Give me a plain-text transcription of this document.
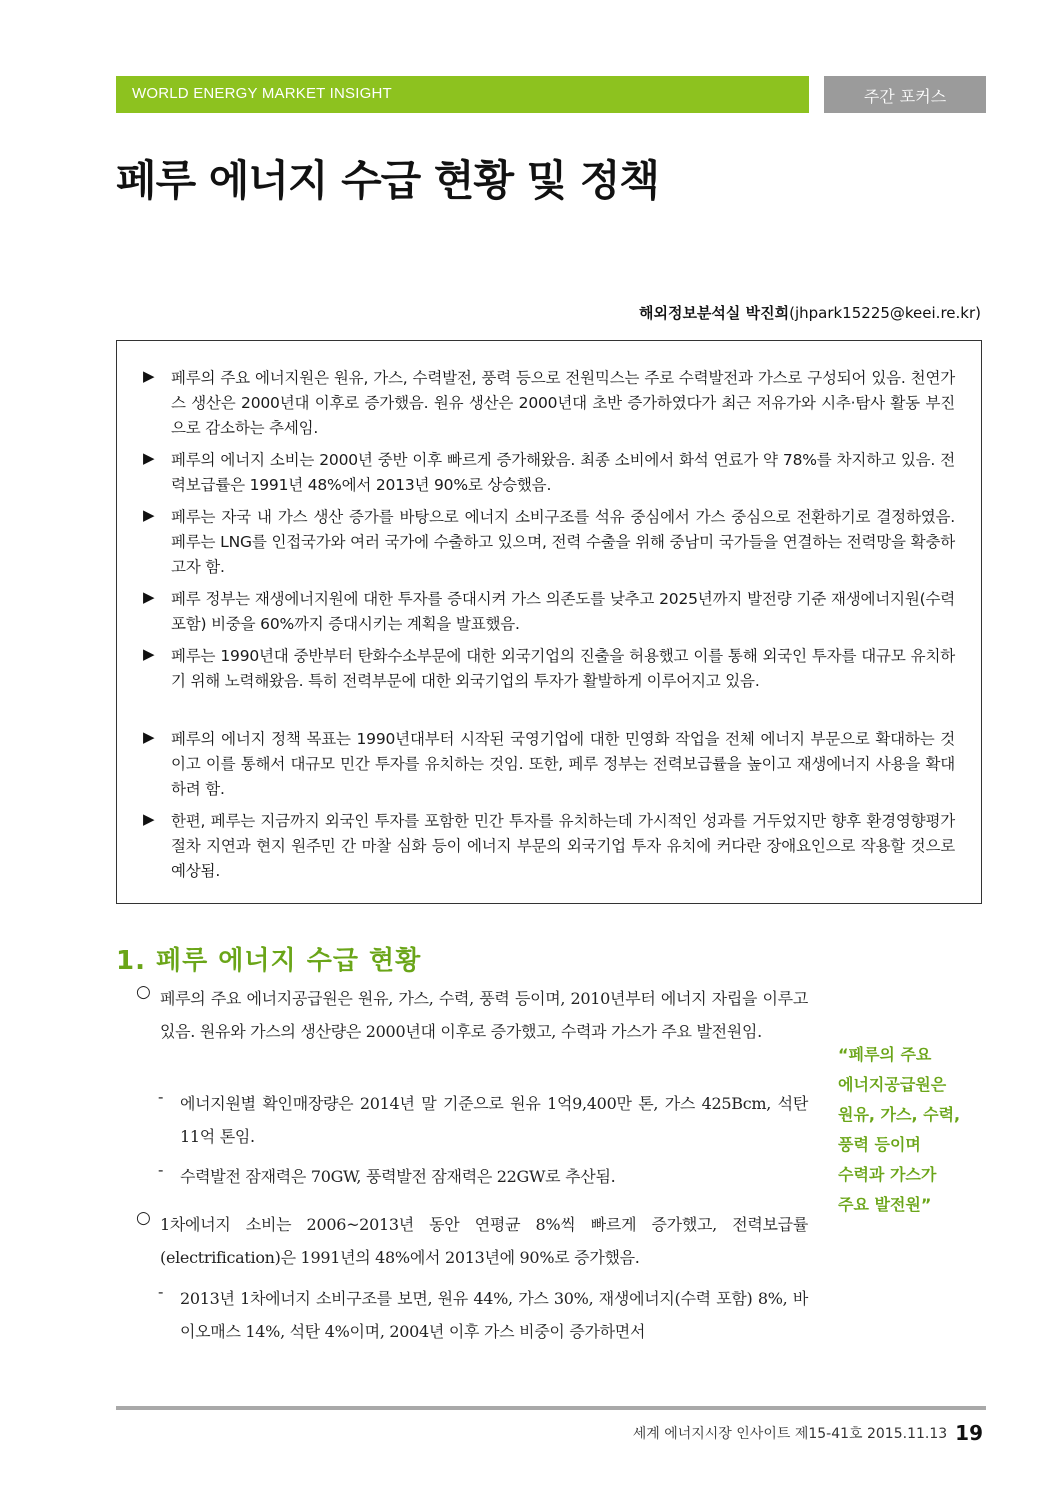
WORLD ENERGY MARKET INSIGHT	주간 포커스
페루 에너지 수급 현황 및 정책
해외정보분석실 박진희(jhpark15225@keei.re.kr)
▶ 페루의 주요 에너지원은 원유, 가스, 수력발전, 풍력 등으로 전원믹스는 주로 수력발전과 가스로 구성되어 있음. 천연가스 생산은 2000년대 이후로 증가했음. 원유 생산은 2000년대 초반 증가하였다가 최근 저유가와 시추·탐사 활동 부진으로 감소하는 추세임.

▶ 페루의 에너지 소비는 2000년 중반 이후 빠르게 증가해왔음. 최종 소비에서 화석 연료가 약 78%를 차지하고 있음. 전력보급률은 1991년 48%에서 2013년 90%로 상승했음.

▶ 페루는 자국 내 가스 생산 증가를 바탕으로 에너지 소비구조를 석유 중심에서 가스 중심으로 전환하기로 결정하였음. 페루는 LNG를 인접국가와 여러 국가에 수출하고 있으며, 전력 수출을 위해 중남미 국가들을 연결하는 전력망을 확충하고자 함.

▶ 페루 정부는 재생에너지원에 대한 투자를 증대시켜 가스 의존도를 낮추고 2025년까지 발전량 기준 재생에너지원(수력 포함) 비중을 60%까지 증대시키는 계획을 발표했음.

▶ 페루는 1990년대 중반부터 탄화수소부문에 대한 외국기업의 진출을 허용했고 이를 통해 외국인 투자를 대규모 유치하기 위해 노력해왔음. 특히 전력부문에 대한 외국기업의 투자가 활발하게 이루어지고 있음.

▶ 페루의 에너지 정책 목표는 1990년대부터 시작된 국영기업에 대한 민영화 작업을 전체 에너지 부문으로 확대하는 것이고 이를 통해서 대규모 민간 투자를 유치하는 것임. 또한, 페루 정부는 전력보급률을 높이고 재생에너지 사용을 확대하려 함.

▶ 한편, 페루는 지금까지 외국인 투자를 포함한 민간 투자를 유치하는데 가시적인 성과를 거두었지만 향후 환경영향평가 절차 지연과 현지 원주민 간 마찰 심화 등이 에너지 부문의 외국기업 투자 유치에 커다란 장애요인으로 작용할 것으로 예상됨.

1. 페루 에너지 수급 현황
○ 페루의 주요 에너지공급원은 원유, 가스, 수력, 풍력 등이며, 2010년부터 에너지 자립을 이루고 있음. 원유와 가스의 생산량은 2000년대 이후로 증가했고, 수력과 가스가 주요 발전원임.

- 에너지원별 확인매장량은 2014년 말 기준으로 원유 1억9,400만 톤, 가스 425Bcm, 석탄 11억 톤임.

- 수력발전 잠재력은 70GW, 풍력발전 잠재력은 22GW로 추산됨.

○ 1차에너지 소비는 2006~2013년 동안 연평균 8%씩 빠르게 증가했고, 전력보급률(electrification)은 1991년의 48%에서 2013년에 90%로 증가했음.

- 2013년 1차에너지 소비구조를 보면, 원유 44%, 가스 30%, 재생에너지(수력 포함) 8%, 바이오매스 14%, 석탄 4%이며, 2004년 이후 가스 비중이 증가하면서

“페루의 주요
에너지공급원은
원유, 가스, 수력,
풍력 등이며
수력과 가스가
주요 발전원”
세계 에너지시장 인사이트 제15-41호 2015.11.13 19
